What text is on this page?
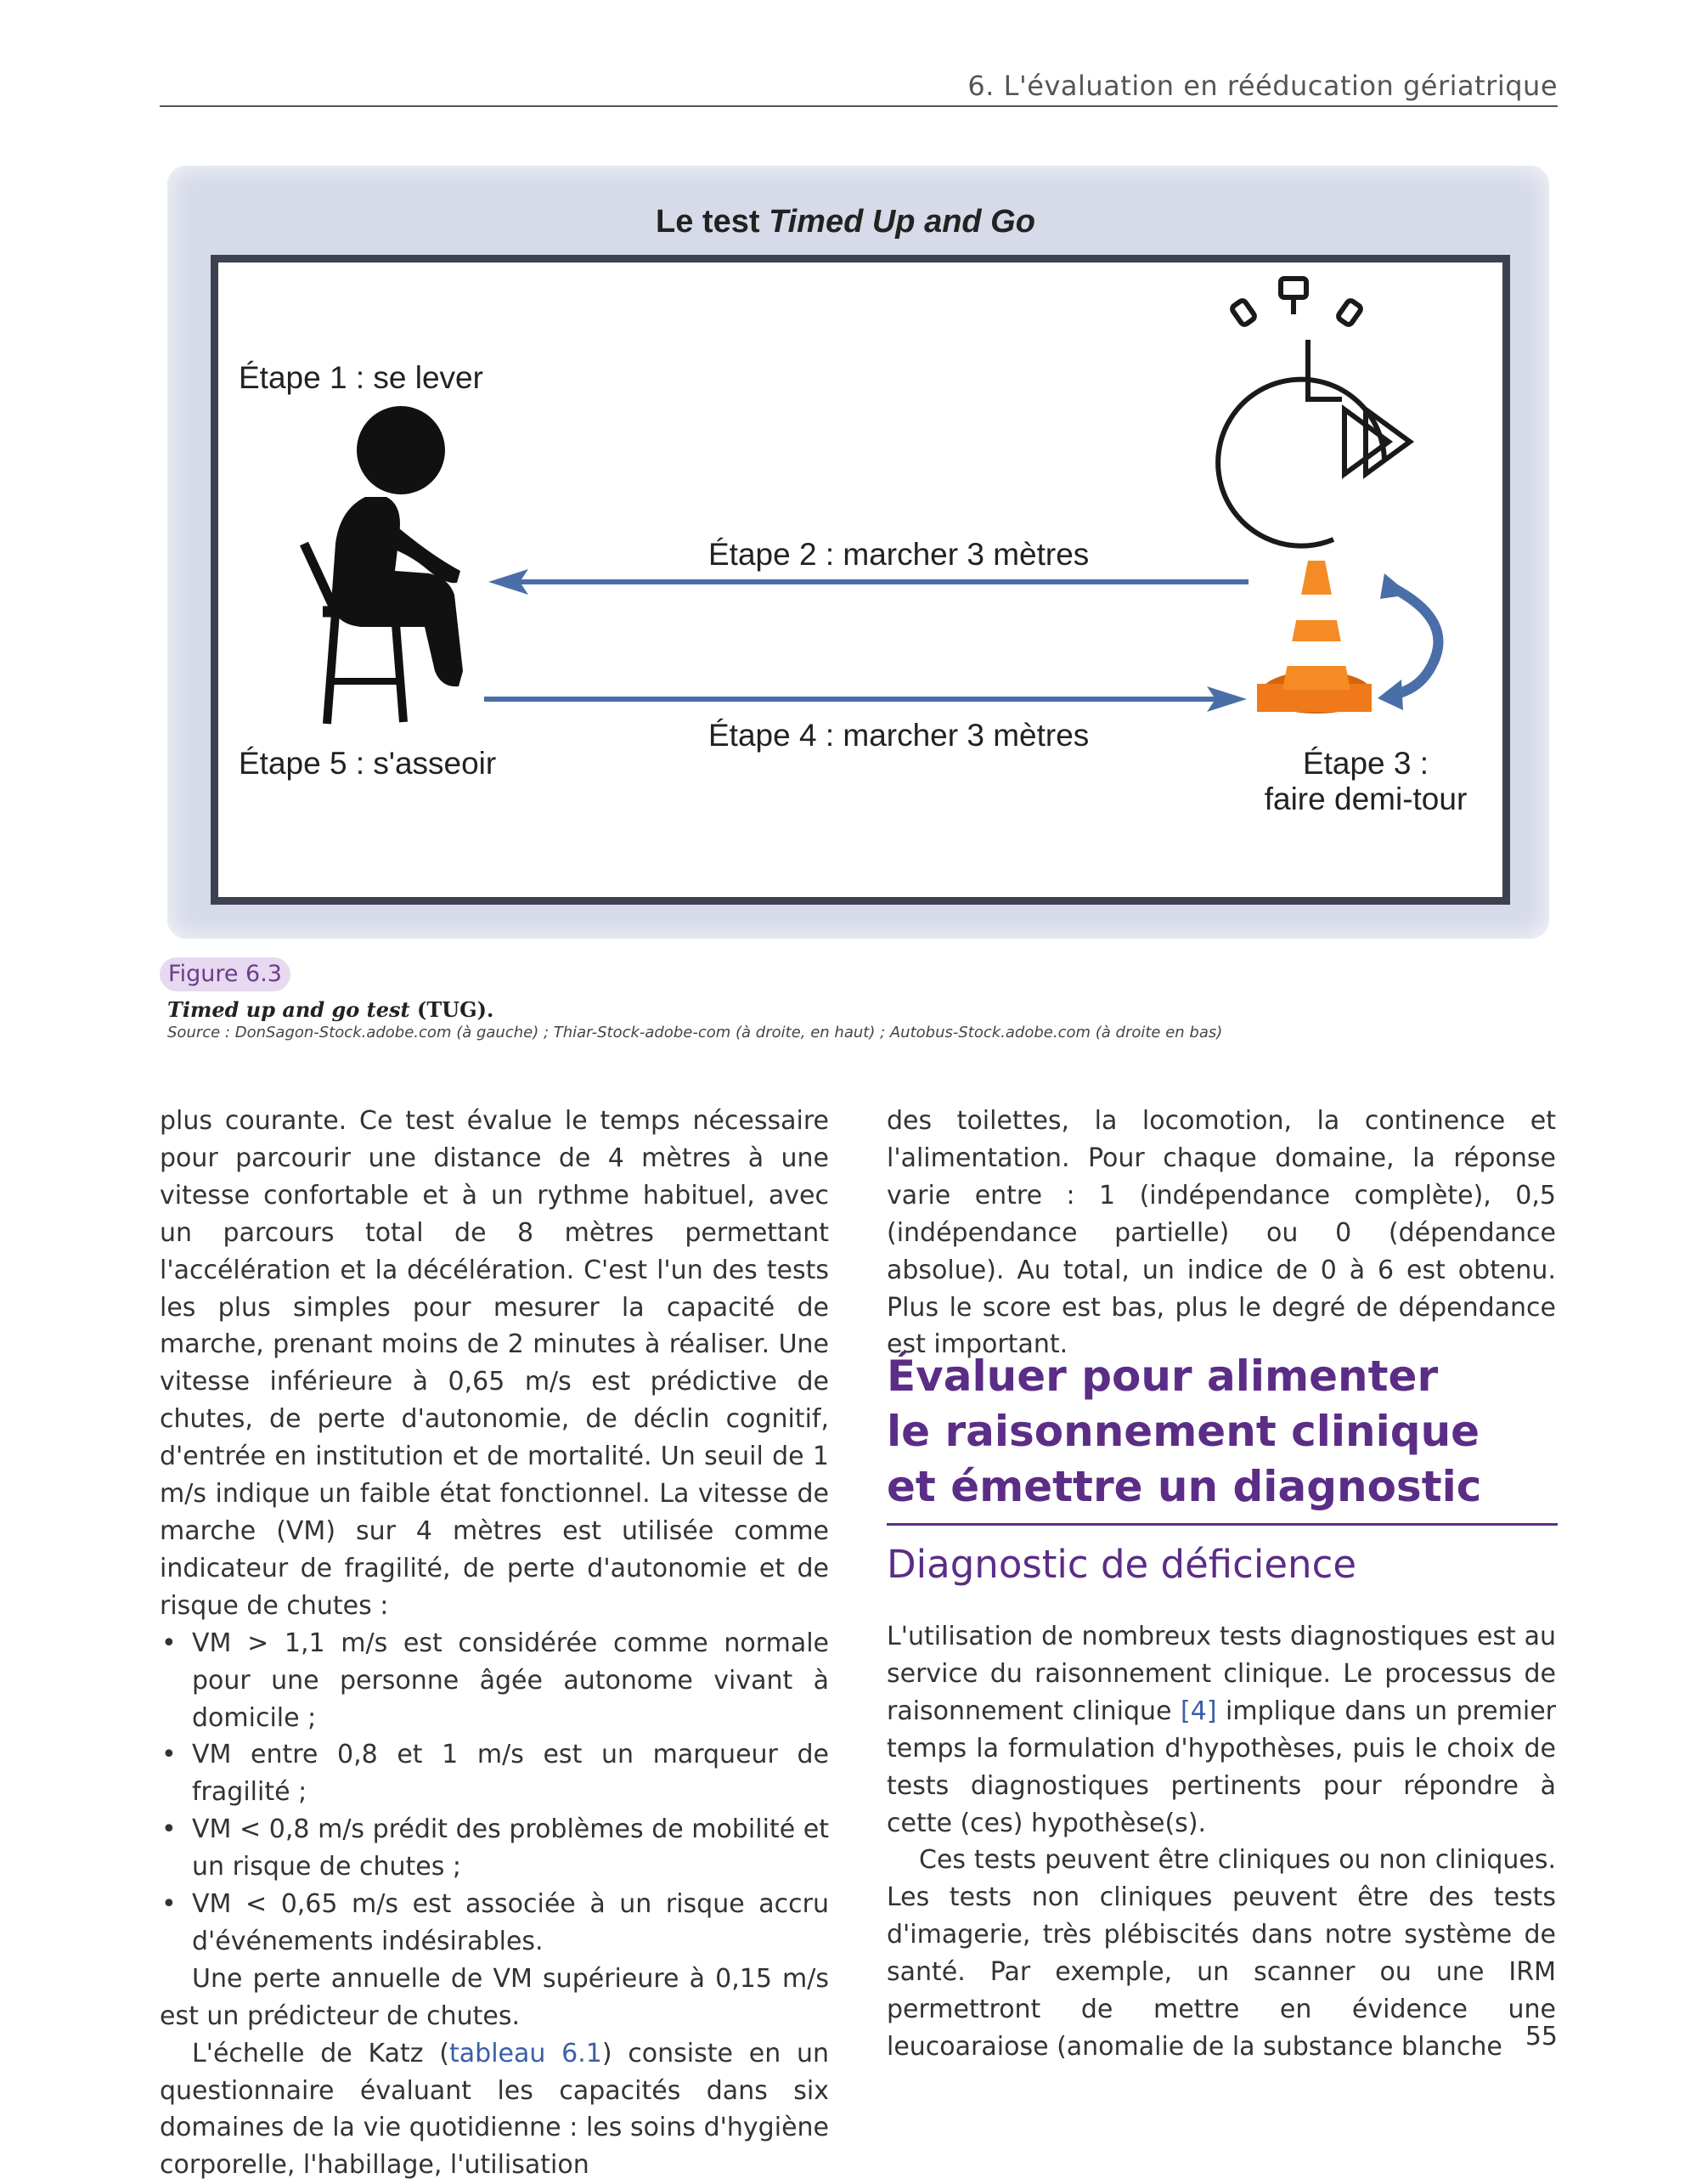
6. L'évaluation en rééducation gériatrique
Le test Timed Up and Go
Étape 1 : se lever
Étape 2 : marcher 3 mètres
Étape 4 : marcher 3 mètres
Étape 5 : s'asseoir	Étape 3 :
faire demi-tour
Figure 6.3
Timed up and go test (TUG).
Source : DonSagon-Stock.adobe.com (à gauche) ; Thiar-Stock-adobe-com (à droite, en haut) ; Autobus-Stock.adobe.com (à droite en bas)

plus courante. Ce test évalue le temps nécessaire pour parcourir une distance de 4 mètres à une vitesse confortable et à un rythme habituel, avec un parcours total de 8 mètres permettant l'accélération et la décélération. C'est l'un des tests les plus simples pour mesurer la capacité de marche, prenant moins de 2 minutes à réaliser. Une vitesse inférieure à 0,65 m/s est prédictive de chutes, de perte d'autonomie, de déclin cognitif, d'entrée en institution et de mortalité. Un seuil de 1 m/s indique un faible état fonctionnel. La vitesse de marche (VM) sur 4 mètres est utilisée comme indicateur de fragilité, de perte d'autonomie et de risque de chutes :

• VM > 1,1 m/s est considérée comme normale pour une personne âgée autonome vivant à domicile ;
• VM entre 0,8 et 1 m/s est un marqueur de fragilité ;
• VM < 0,8 m/s prédit des problèmes de mobilité et un risque de chutes ;
• VM < 0,65 m/s est associée à un risque accru d'événements indésirables.

Une perte annuelle de VM supérieure à 0,15 m/s est un prédicteur de chutes.

L'échelle de Katz (tableau 6.1) consiste en un questionnaire évaluant les capacités dans six domaines de la vie quotidienne : les soins d'hygiène corporelle, l'habillage, l'utilisation

des toilettes, la locomotion, la continence et l'alimentation. Pour chaque domaine, la réponse varie entre : 1 (indépendance complète), 0,5 (indépendance partielle) ou 0 (dépendance absolue). Au total, un indice de 0 à 6 est obtenu. Plus le score est bas, plus le degré de dépendance est important.

Évaluer pour alimenter
le raisonnement clinique
et émettre un diagnostic
Diagnostic de déficience

L'utilisation de nombreux tests diagnostiques est au service du raisonnement clinique. Le processus de raisonnement clinique [4] implique dans un premier temps la formulation d'hypothèses, puis le choix de tests diagnostiques pertinents pour répondre à cette (ces) hypothèse(s).

Ces tests peuvent être cliniques ou non cliniques. Les tests non cliniques peuvent être des tests d'imagerie, très plébiscités dans notre système de santé. Par exemple, un scanner ou une IRM permettront de mettre en évidence une leucoaraiose (anomalie de la substance blanche 55
